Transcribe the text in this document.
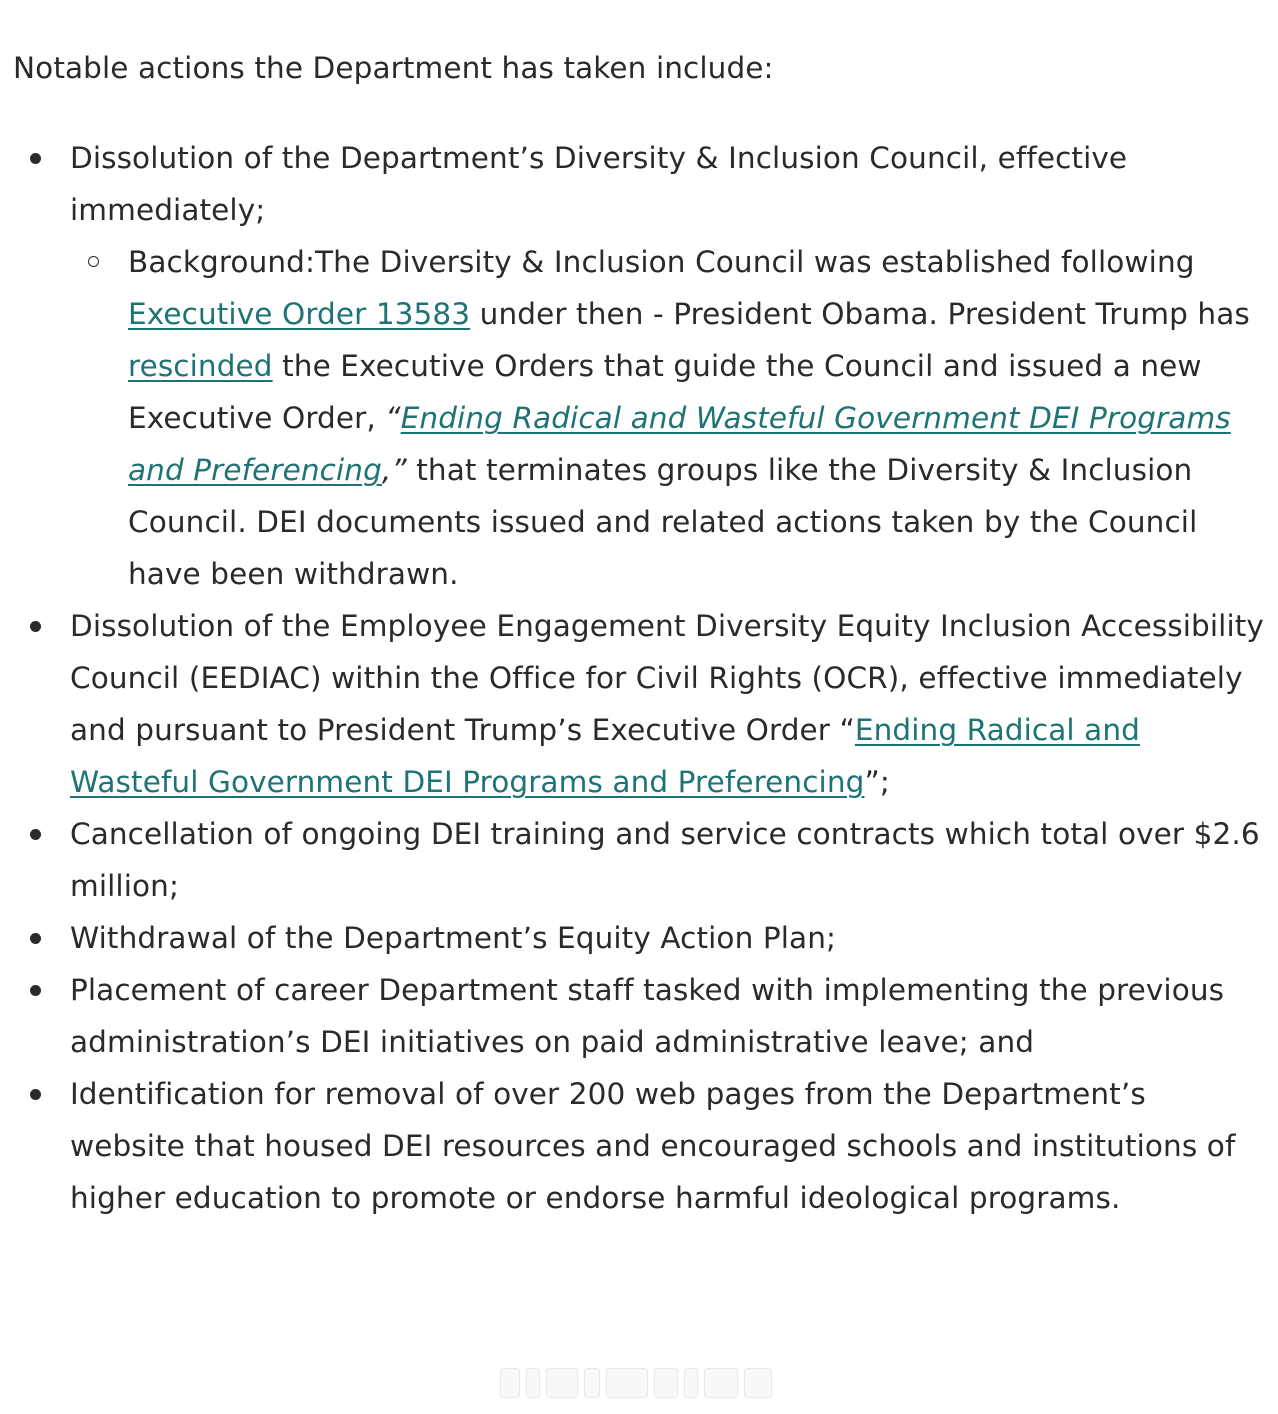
Notable actions the Department has taken include:

Dissolution of the Department’s Diversity & Inclusion Council, effective immediately;
Background:The Diversity & Inclusion Council was established following Executive Order 13583 under then - President Obama. President Trump has rescinded the Executive Orders that guide the Council and issued a new Executive Order, “Ending Radical and Wasteful Government DEI Programs and Preferencing,” that terminates groups like the Diversity & Inclusion Council. DEI documents issued and related actions taken by the Council have been withdrawn.
Dissolution of the Employee Engagement Diversity Equity Inclusion Accessibility Council (EEDIAC) within the Office for Civil Rights (OCR), effective immediately and pursuant to President Trump’s Executive Order “Ending Radical and Wasteful Government DEI Programs and Preferencing”;
Cancellation of ongoing DEI training and service contracts which total over $2.6 million;
Withdrawal of the Department’s Equity Action Plan;
Placement of career Department staff tasked with implementing the previous administration’s DEI initiatives on paid administrative leave; and
Identification for removal of over 200 web pages from the Department’s website that housed DEI resources and encouraged schools and institutions of higher education to promote or endorse harmful ideological programs.
